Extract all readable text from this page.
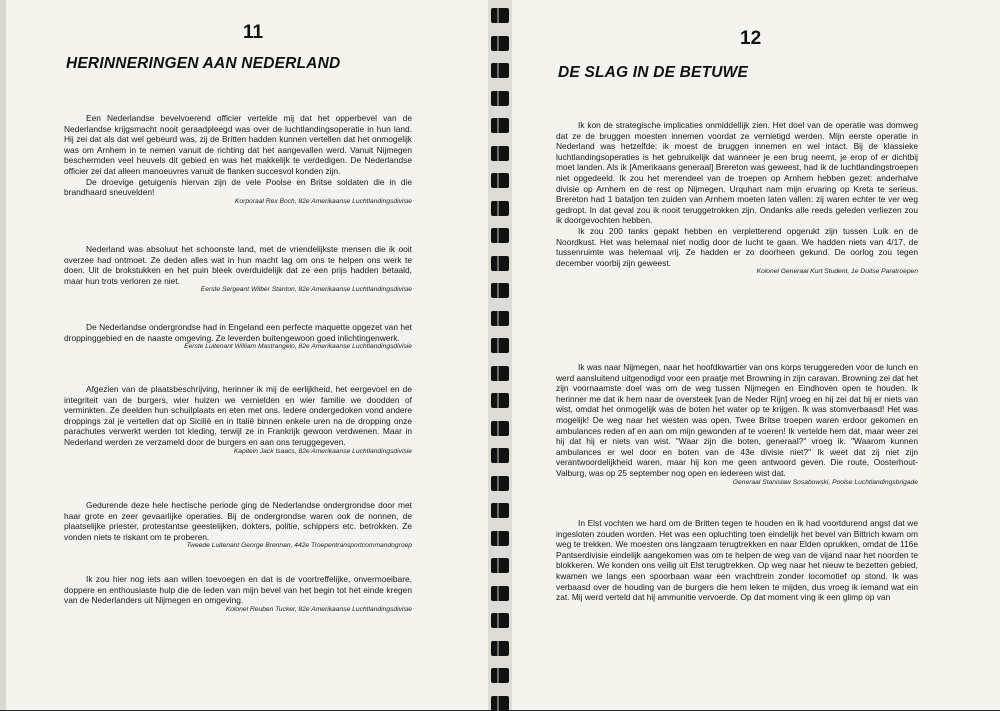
11
HERINNERINGEN AAN NEDERLAND

Een Nederlandse bevelvoerend officier vertelde mij dat het opperbevel van de Nederlandse krijgsmacht nooit geraadpleegd was over de luchtlandingsoperatie in hun land. Hij zei dat als dat wel gebeurd was, zij de Britten hadden kunnen vertellen dat het onmogelijk was om Arnhem in te nemen vanuit de richting dat het aangevallen werd. Vanuit Nijmegen beschermden veel heuvels dit gebied en was het makkelijk te verdedigen. De Nederlandse officier zei dat alleen manoeuvres vanuit de flanken succesvol konden zijn.

De droevige getuigenis hiervan zijn de vele Poolse en Britse soldaten die in die brandhaard sneuvelden!

Korporaal Rex Boch, 82e Amerikaanse Luchtlandingsdivisie

Nederland was absoluut het schoonste land, met de vriendelijkste mensen die ik ooit overzee had ontmoet. Ze deden alles wat in hun macht lag om ons te helpen ons werk te doen. Uit de brokstukken en het puin bleek overduidelijk dat ze een prijs hadden betaald, maar hun trots verloren ze niet.

Eerste Sergeant Wilber Stanton, 82e Amerikaanse Luchtlandingsdivisie

De Nederlandse ondergrondse had in Engeland een perfecte maquette opgezet van het droppinggebied en de naaste omgeving. Ze leverden buitengewoon goed inlichtingenwerk.

Eerste Luitenant William Mastrangelo, 82e Amerikaanse Luchtlandingsdivisie

Afgezien van de plaatsbeschrijving, herinner ik mij de eerlijkheid, het eergevoel en de integriteit van de burgers, wier huizen we vernielden en wier familie we doodden of verminkten. Ze deelden hun schuilplaats en eten met ons. Iedere ondergedoken vond andere droppings zal je vertellen dat op Sicilië en in Italië binnen enkele uren na de dropping onze parachutes verwerkt werden tot kleding, terwijl ze in Frankrijk gewoon verdwenen. Maar in Nederland werden ze verzameld door de burgers en aan ons teruggegeven.

Kapitein Jack Isaacs, 82e Amerikaanse Luchtlandingsdivisie

Gedurende deze hele hectische periode ging de Nederlandse ondergrondse door met haar grote en zeer gevaarlijke operaties. Bij de ondergrondse waren ook de nonnen, de plaatselijke priester, protestantse geestelijken, dokters, politie, schippers etc. betrokken. Ze vonden niets te riskant om te proberen.

Tweede Luitenant George Brennan, 442e Troepentransportcommandogroep

Ik zou hier nog iets aan willen toevoegen en dat is de voortreffelijke, onvermoeibare, doppere en enthousiaste hulp die de leden van mijn bevel van het begin tot het einde kregen van de Nederlanders uit Nijmegen en omgeving.

Kolonel Reuben Tucker, 82e Amerikaanse Luchtlandingsdivisie

12
DE SLAG IN DE BETUWE

Ik kon de strategische implicaties onmiddellijk zien. Het doel van de operatie was domweg dat ze de bruggen moesten innemen voordat ze vernietigd werden. Mijn eerste operatie in Nederland was hetzelfde: ik moest de bruggen innemen en wel intact. Bij de klassieke luchtlandingsoperaties is het gebruikelijk dat wanneer je een brug neemt, je erop of er dichtbij moet landen. Als ik [Amerikaans generaal] Brereton was geweest, had ik de luchtlandingstroepen niet opgedeeld. Ik zou het merendeel van de troepen op Arnhem hebben gezet: anderhalve divisie op Arnhem en de rest op Nijmegen. Urquhart nam mijn ervaring op Kreta te serieus. Brereton had 1 bataljon ten zuiden van Arnhem moeten laten vallen: zij waren echter te ver weg gedropt. In dat geval zou ik nooit teruggetrokken zijn. Ondanks alle reeds geleden verliezen zou ik doorgevochten hebben.

Ik zou 200 tanks gepakt hebben en verpletterend opgerukt zijn tussen Luik en de Noordkust. Het was helemaal niet nodig door de lucht te gaan. We hadden niets van 4/17, de tussenruimte was helemaal vrij. Ze hadden er zo doorheen gekund. De oorlog zou tegen december voorbij zijn geweest.

Kolonel Generaal Kurt Student, 1e Duitse Paratroepen

Ik was naar Nijmegen, naar het hoofdkwartier van ons korps teruggereden voor de lunch en werd aansluitend uitgenodigd voor een praatje met Browning in zijn caravan. Browning zei dat het zijn voornaamste doel was om de weg tussen Nijmegen en Eindhoven open te houden. Ik herinner me dat ik hem naar de oversteek [van de Neder Rijn] vroeg en hij zei dat hij er niets van wist, omdat het onmogelijk was de boten het water op te krijgen. Ik was stomverbaasd! Het was mogelijk! De weg naar het westen was open. Twee Britse troepen waren erdoor gekomen en ambulances reden af en aan om mijn gewonden af te voeren! Ik vertelde hem dat, maar weer zei hij dat hij er niets van wist. "Waar zijn die boten, generaal?" vroeg ik. "Waarom kunnen ambulances er wel door en boten van de 43e divisie niet?" Ik weet dat zij niet zijn verantwoordelijkheid waren, maar hij kon me geen antwoord geven. Die route, Oosterhout-Valburg, was op 25 september nog open en iedereen wist dat.

Generaal Stanislaw Sosabowski, Poolse Luchtlandingsbrigade

In Elst vochten we hard om de Britten tegen te houden en ik had voortdurend angst dat we ingesloten zouden worden. Het was een opluchting toen eindelijk het bevel van Bittrich kwam om weg te trekken. We moesten ons langzaam terugtrekken en naar Elden oprukken, omdat de 116e Pantserdivisie eindelijk aangekomen was om te helpen de weg van de vijand naar het noorden te blokkeren. We konden ons veilig uit Elst terugtrekken. Op weg naar het nieuw te bezetten gebied, kwamen we langs een spoorbaan waar een vrachttrein zonder locomotief op stond. Ik was verbaasd over de houding van de burgers die hem leken te mijden, dus vroeg ik iemand wat ein zat. Mij werd verteld dat hij ammunitie vervoerde. Op dat moment ving ik een glimp op van
